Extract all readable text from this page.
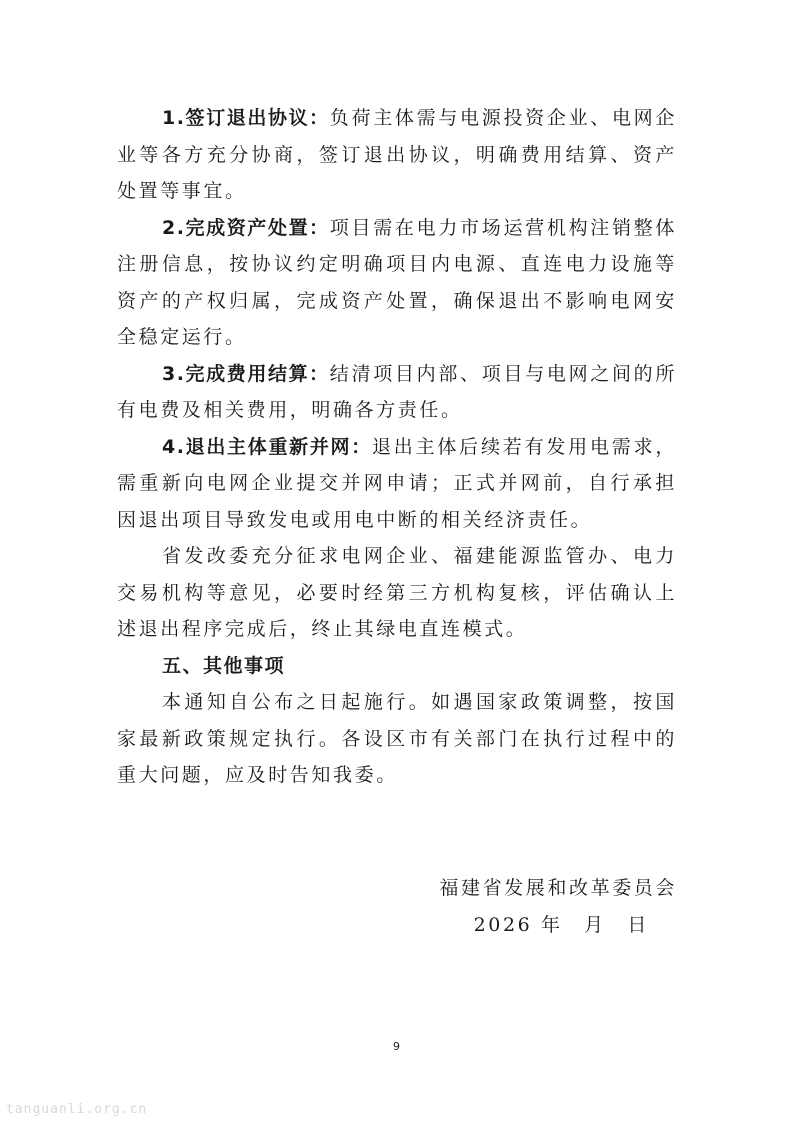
1.签订退出协议：负荷主体需与电源投资企业、电网企业等各方充分协商，签订退出协议，明确费用结算、资产处置等事宜。

2.完成资产处置：项目需在电力市场运营机构注销整体注册信息，按协议约定明确项目内电源、直连电力设施等资产的产权归属，完成资产处置，确保退出不影响电网安全稳定运行。

3.完成费用结算：结清项目内部、项目与电网之间的所有电费及相关费用，明确各方责任。

4.退出主体重新并网：退出主体后续若有发用电需求，需重新向电网企业提交并网申请；正式并网前，自行承担因退出项目导致发电或用电中断的相关经济责任。

省发改委充分征求电网企业、福建能源监管办、电力交易机构等意见，必要时经第三方机构复核，评估确认上述退出程序完成后，终止其绿电直连模式。

五、其他事项

本通知自公布之日起施行。如遇国家政策调整，按国家最新政策规定执行。各设区市有关部门在执行过程中的重大问题，应及时告知我委。

福建省发展和改革委员会
2026 年　月　日
9
tanguanli.org.cn
